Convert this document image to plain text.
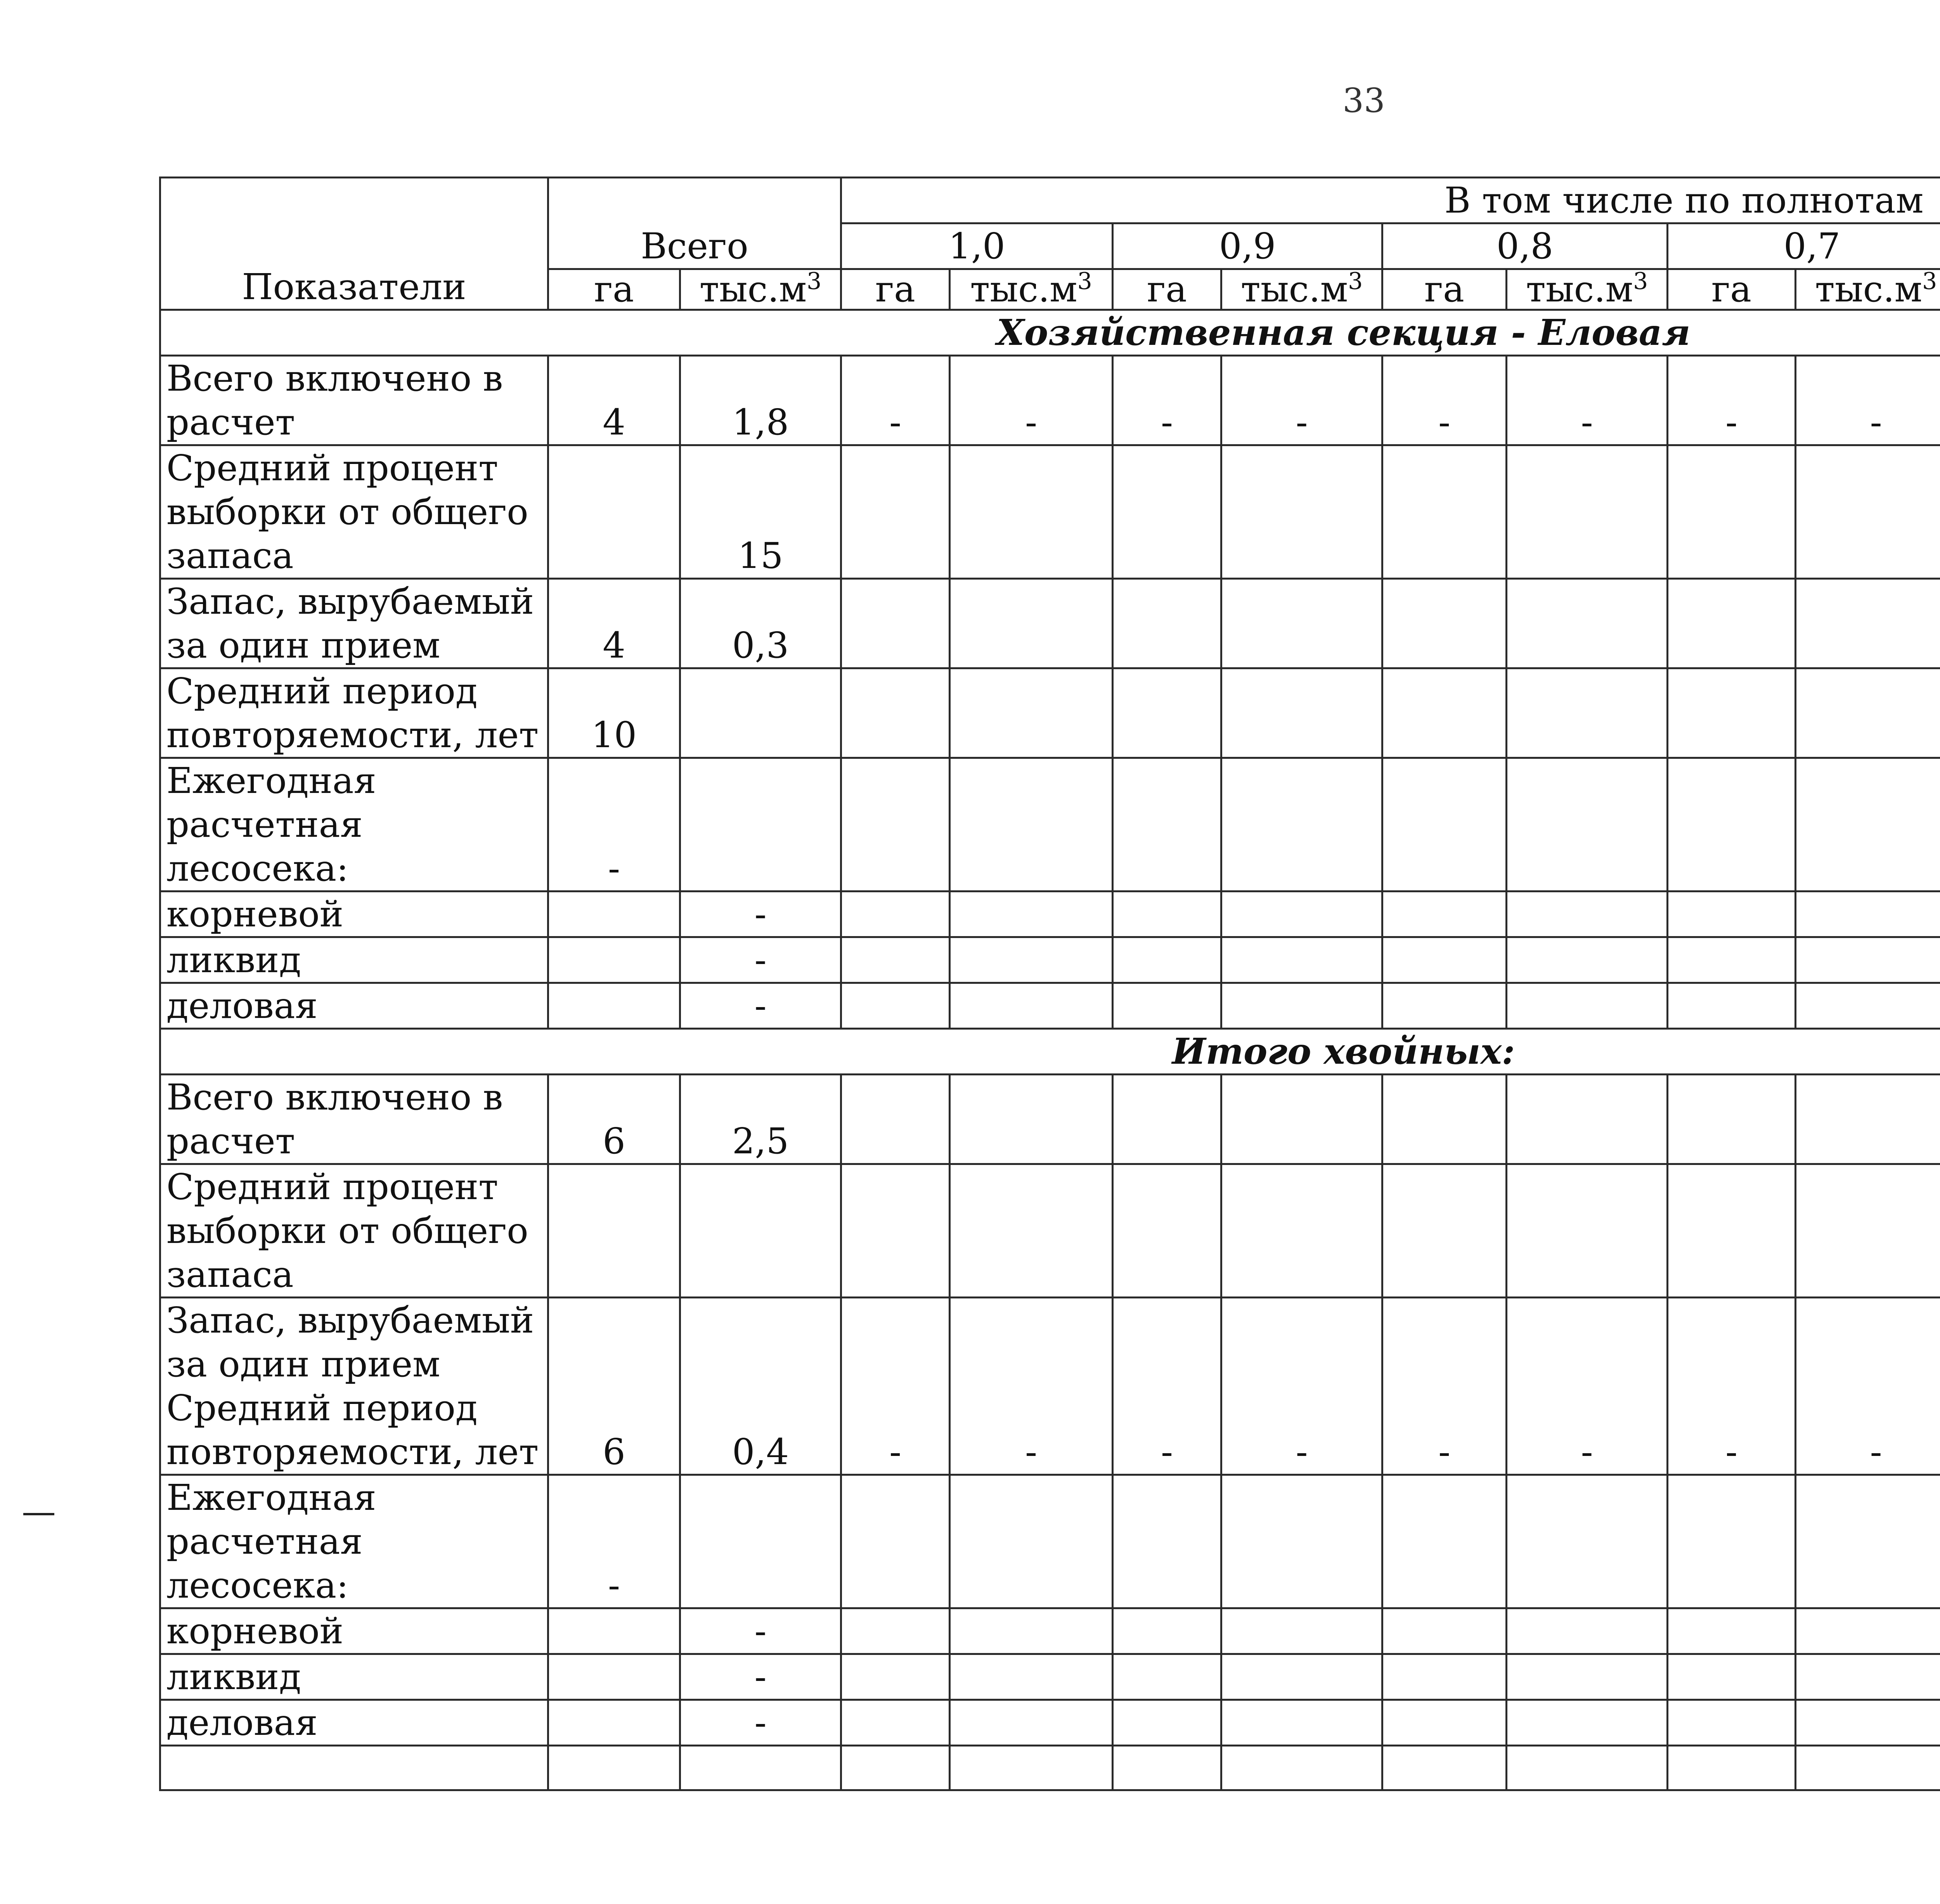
33
Показатели	Всего		В том числе по полнотам											
			1,0		0,9		0,8		0,7		
	га	$тыс.м^3$	га	$тыс.м^3$	га	$тыс.м^3$	га	$тыс.м^3$	га	$тыс.м^3$				
Хозяйственная секция - Еловая														
Всего включено в расчет	4	1,8	-	-	-	-	-	-	-	-				
Средний процент выборки от общего запаса		15												
Запас, вырубаемый за один прием	4	0,3												
Средний период повторяемости, лет	10													
Ежегодная расчетная лесосека:	-													
корневой		-												
ликвид		-												
деловая		-												
Итого хвойных:														
Всего включено в расчет	6	2,5												
Средний процент выборки от общего запаса														
Запас, вырубаемый за один прием Средний период повторяемости, лет	6	0,4	-	-	-	-	-	-	-	-				
Ежегодная расчетная лесосека:	-													
корневой		-												
ликвид		-												
деловая		-												
